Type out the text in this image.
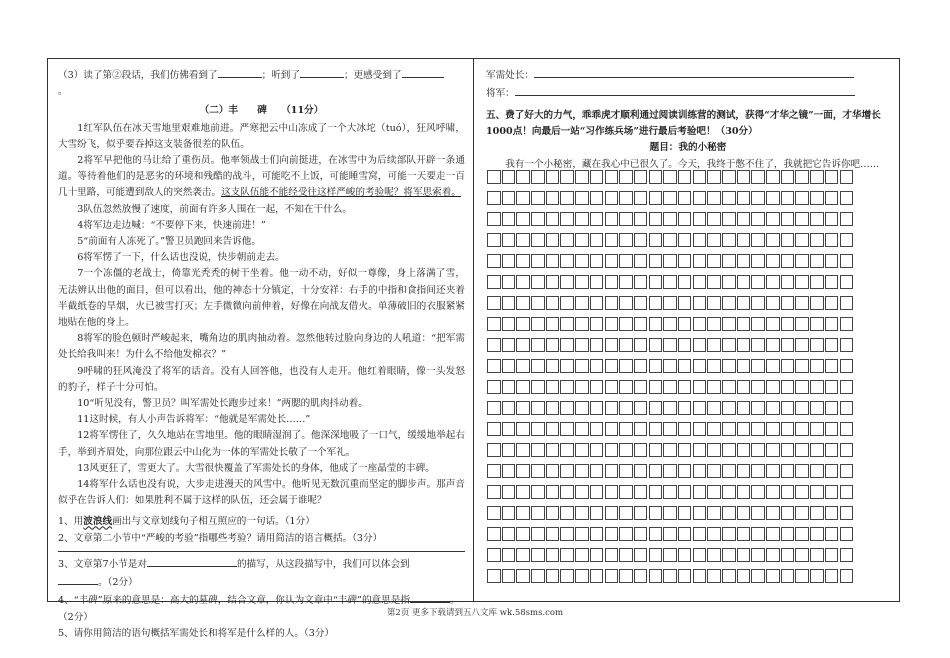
（3）读了第②段话，我们仿佛看到了	；听到了	；更感受到了
。

（二）丰　　碑　　（11分）

1红军队伍在冰天雪地里艰难地前进。严寒把云中山冻成了一个大冰坨（tuó），狂风呼啸，大雪纷飞，似乎要吞掉这支装备很差的队伍。

2将军早把他的马让给了重伤员。他率领战士们向前挺进，在冰雪中为后续部队开辟一条通道。等待着他们的是恶劣的环境和残酷的战斗，可能吃不上饭，可能睡雪窝，可能一天要走一百几十里路，可能遭到敌人的突然袭击。这支队伍能不能经受往这样严峻的考验呢？将军思索着。

3队伍忽然放慢了速度，前面有许多人围在一起，不知在干什么。

4将军边走边喊：“不要停下来，快速前进！”

5“前面有人冻死了。”警卫员跑回来告诉他。

6将军愣了一下，什么话也没说，快步朝前走去。

7一个冻僵的老战士，倚靠光秃秃的树干坐着。他一动不动，好似一尊像，身上落满了雪，无法辨认出他的面目，但可以看出，他的神态十分镇定，十分安祥：右手的中指和食指间还夹着半截纸卷的旱烟，火已被雪打灭；左手微微向前伸着，好像在向战友借火。单薄破旧的衣服紧紧地贴在他的身上。

8将军的脸色顿时严峻起来，嘴角边的肌肉抽动着。忽然他转过脸向身边的人吼道：“把军需处长给我叫来！为什么不给他发棉衣？”

9呼啸的狂风淹没了将军的话音。没有人回答他，也没有人走开。他红着眼睛，像一头发怒的豹子，样子十分可怕。

10“听见没有，警卫员？叫军需处长跑步过来！”两腮的肌肉抖动着。

11这时候，有人小声告诉将军：“他就是军需处长……”

12将军愣住了，久久地站在雪地里。他的眼睛湿润了。他深深地吸了一口气，缓缓地举起右手，举到齐眉处，向那位跟云中山化为一体的军需处长敬了一个军礼。

13风更狂了，雪更大了。大雪很快覆盖了军需处长的身体，他成了一座晶莹的丰碑。

14将军什么话也没有说，大步走进漫天的风雪中。他听见无数沉重而坚定的脚步声。那声音似乎在告诉人们：如果胜利不属于这样的队伍，还会属于谁呢？

1、用波浪线画出与文章划线句子相互照应的一句话。（1分）

2、文章第二小节中“严峻的考验”指哪些考验？请用简洁的语言概括。（3分）

3、文章第7小节是对	的描写，从这段描写中，我们可以体会到
。（2分）

4、“丰碑”原来的意思是：高大的墓碑，结合文章，你认为文章中“丰碑”的意思是指	。（2分）

5、请你用简洁的语句概括军需处长和将军是什么样的人。（3分）

军需处长：

将军：

五、费了好大的力气，乖乖虎才顺利通过阅读训练营的测试，获得“才华之镜”一面，才华增长1000点！向最后一站“习作练兵场”进行最后考验吧！（30分）

题目：我的小秘密

我有一个小秘密，藏在我心中已很久了。今天，我终于憋不住了，我就把它告诉你吧……

第2页 更多下载请到五八文库 wk.58sms.com
